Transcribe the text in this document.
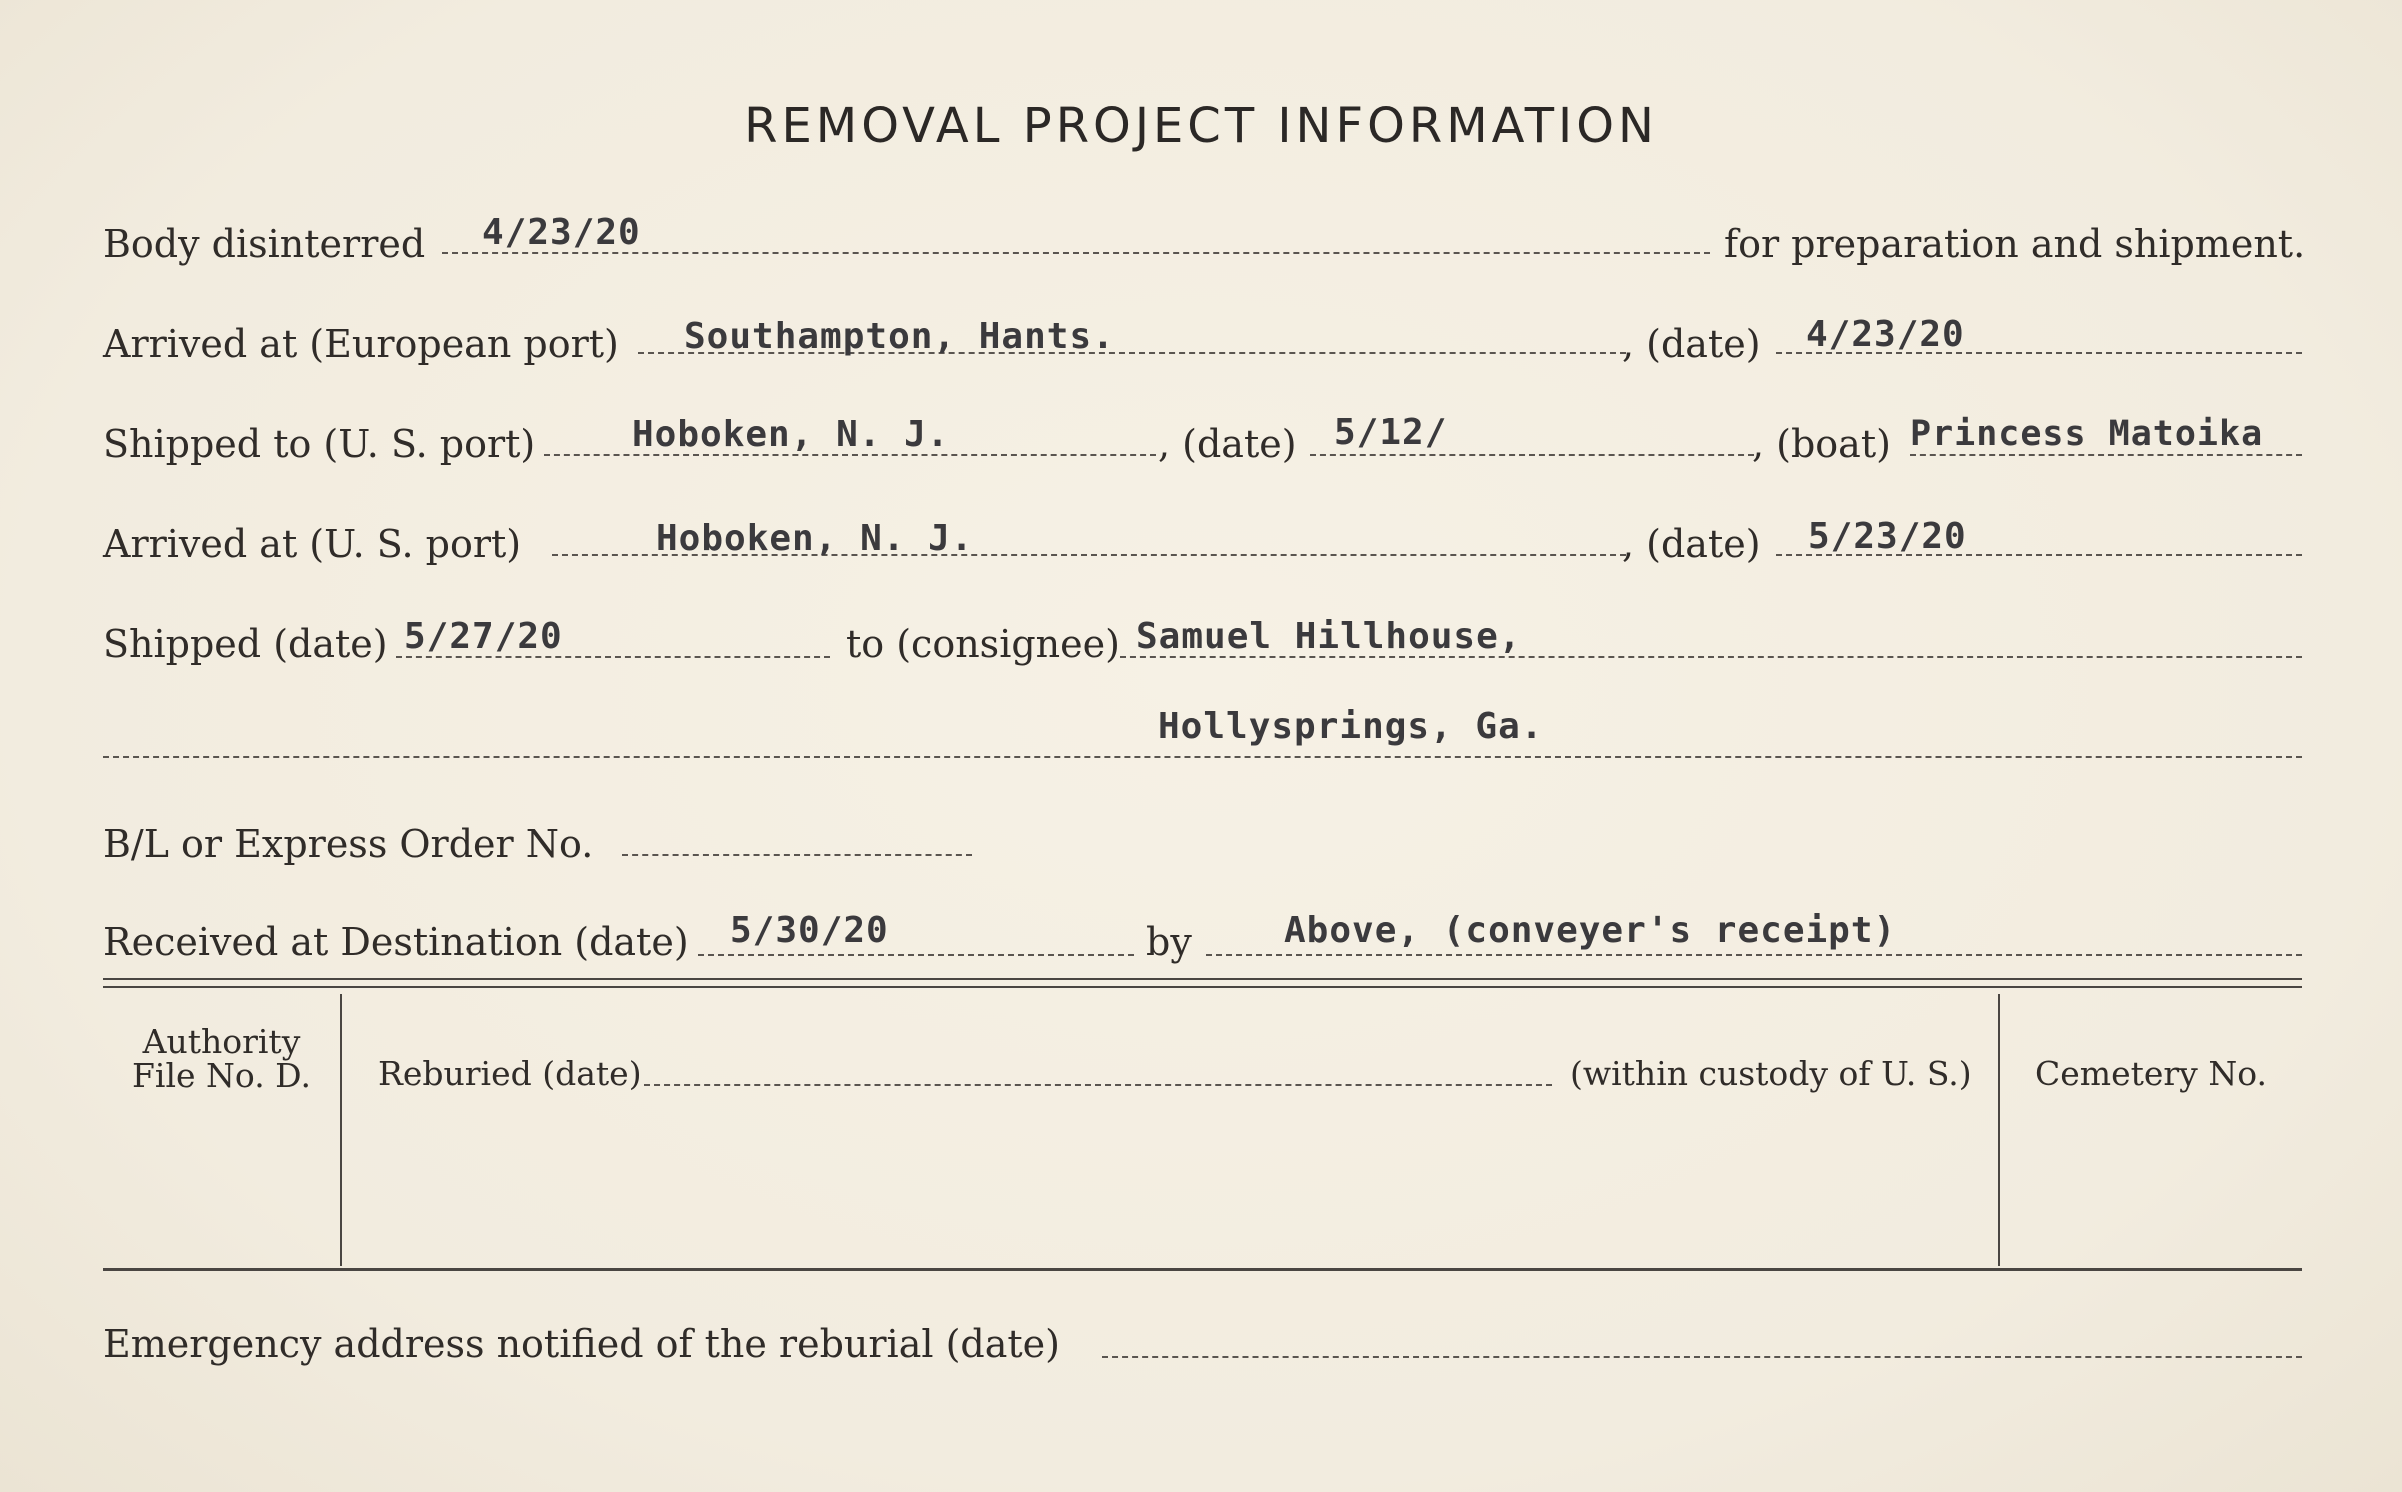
REMOVAL PROJECT INFORMATION
Body disinterred 4/23/20	for preparation and shipment.
Arrived at (European port) Southampton, Hants.	, (date) 4/23/20
Shipped to (U. S. port)	Hoboken, N. J.	, (date) 5/12/	, (boat) Princess Matoika
Arrived at (U. S. port)	Hoboken, N. J.	, (date) 5/23/20
Shipped (date) 5/27/20	to (consignee) Samuel Hillhouse,
Hollysprings, Ga.
B/L or Express Order No.
Received at Destination (date) 5/30/20	by	Above, (conveyer's receipt)
Authority
File No. D.	Reburied (date)	(within custody of U. S.)	Cemetery No.
Emergency address notified of the reburial (date)
